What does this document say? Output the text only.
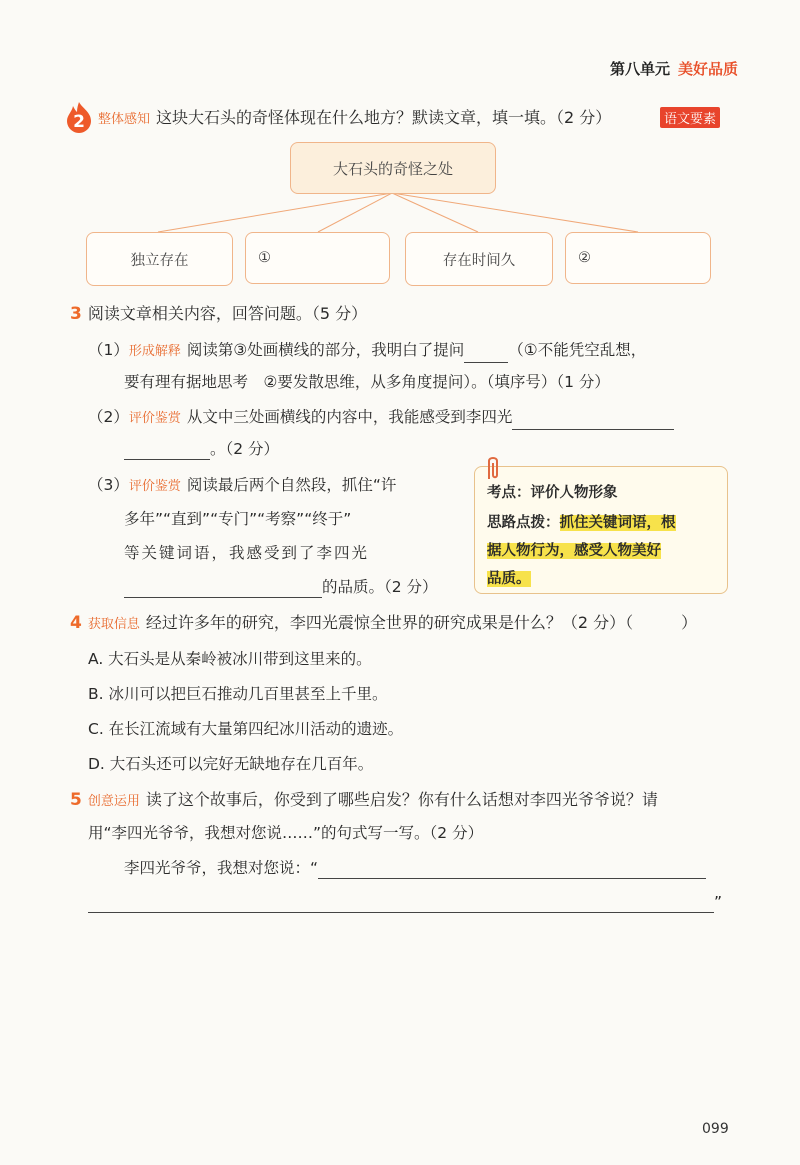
第八单元 美好品质
2 整体感知 这块大石头的奇怪体现在什么地方？默读文章，填一填。（2 分）	语文要素
大石头的奇怪之处
独立存在	①	存在时间久	②
3 阅读文章相关内容，回答问题。（5 分）
（1）形成解释 阅读第③处画横线的部分，我明白了提问	（①不能凭空乱想，
要有理有据地思考　②要发散思维，从多角度提问）。（填序号）（1 分）
（2）评价鉴赏 从文中三处画横线的内容中，我能感受到李四光
。（2 分）
（3）评价鉴赏 阅读最后两个自然段，抓住“许
多年”“直到”“专门”“考察”“终于”
等关键词语，我感受到了李四光
的品质。（2 分）
考点：评价人物形象
思路点拨：抓住关键词语，根
据人物行为，感受人物美好
品质。
4 获取信息 经过许多年的研究，李四光震惊全世界的研究成果是什么？（2 分）（　　　）
A. 大石头是从秦岭被冰川带到这里来的。
B. 冰川可以把巨石推动几百里甚至上千里。
C. 在长江流域有大量第四纪冰川活动的遗迹。
D. 大石头还可以完好无缺地存在几百年。
5 创意运用 读了这个故事后，你受到了哪些启发？你有什么话想对李四光爷爷说？请
用“李四光爷爷，我想对您说……”的句式写一写。（2 分）
李四光爷爷，我想对您说：“
”
099
